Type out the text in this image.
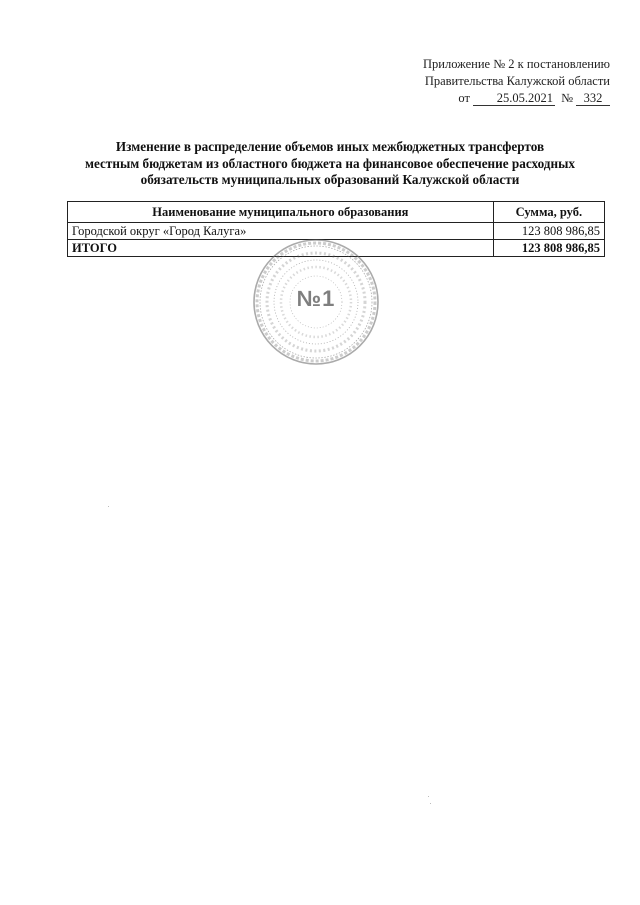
Приложение № 2 к постановлению
Правительства Калужской области
от 25.05.2021 № 332
Изменение в распределение объемов иных межбюджетных трансфертов
местным бюджетам из областного бюджета на финансовое обеспечение расходных
обязательств муниципальных образований Калужской области
Наименование муниципального образования	Сумма, руб.
Городской округ «Город Калуга»	123 808 986,85
ИТОГО	123 808 986,85
№1
